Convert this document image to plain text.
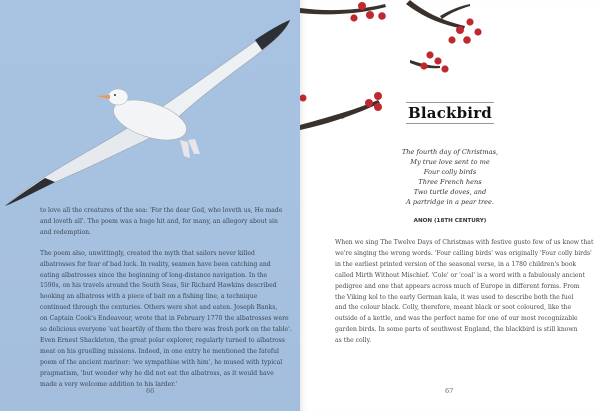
to love all the creatures of the sea: 'For the dear God, who loveth us, He made
and loveth all'. The poem was a huge hit and, for many, an allegory about sin
and redemption.
The poem also, unwittingly, created the myth that sailors never killed
albatrosses for fear of bad luck. In reality, seamen have been catching and
eating albatrosses since the beginning of long-distance navigation. In the
1590s, on his travels around the South Seas, Sir Richard Hawkins described
hooking an albatross with a piece of bait on a fishing line, a technique
continued through the centuries. Others were shot and eaten. Joseph Banks,
on Captain Cook's Endeavour, wrote that in February 1770 the albatrosses were
so delicious everyone 'eat heartily of them tho there was fresh pork on the table'.
Even Ernest Shackleton, the great polar explorer, regularly turned to albatross
meat on his gruelling missions. Indeed, in one entry he mentioned the fateful
poem of the ancient mariner: 'we sympathise with him', he mused with typical
pragmatism, 'but wonder why he did not eat the albatross, as it would have
made a very welcome addition to his larder.'
66
Blackbird
The fourth day of Christmas,
My true love sent to me
Four colly birds
Three French hens
Two turtle doves, and
A partridge in a pear tree.
ANON (18TH CENTURY)
When we sing The Twelve Days of Christmas with festive gusto few of us know that
we're singing the wrong words. 'Four calling birds' was originally 'Four colly birds'
in the earliest printed version of the seasonal verse, in a 1780 children's book
called Mirth Without Mischief. 'Cole' or 'coal' is a word with a fabulously ancient
pedigree and one that appears across much of Europe in different forms. From
the Viking kol to the early German kala, it was used to describe both the fuel
and the colour black. Colly, therefore, meant black or soot coloured, like the
outside of a kettle, and was the perfect name for one of our most recognizable
garden birds. In some parts of southwest England, the blackbird is still known
as the colly.
67
